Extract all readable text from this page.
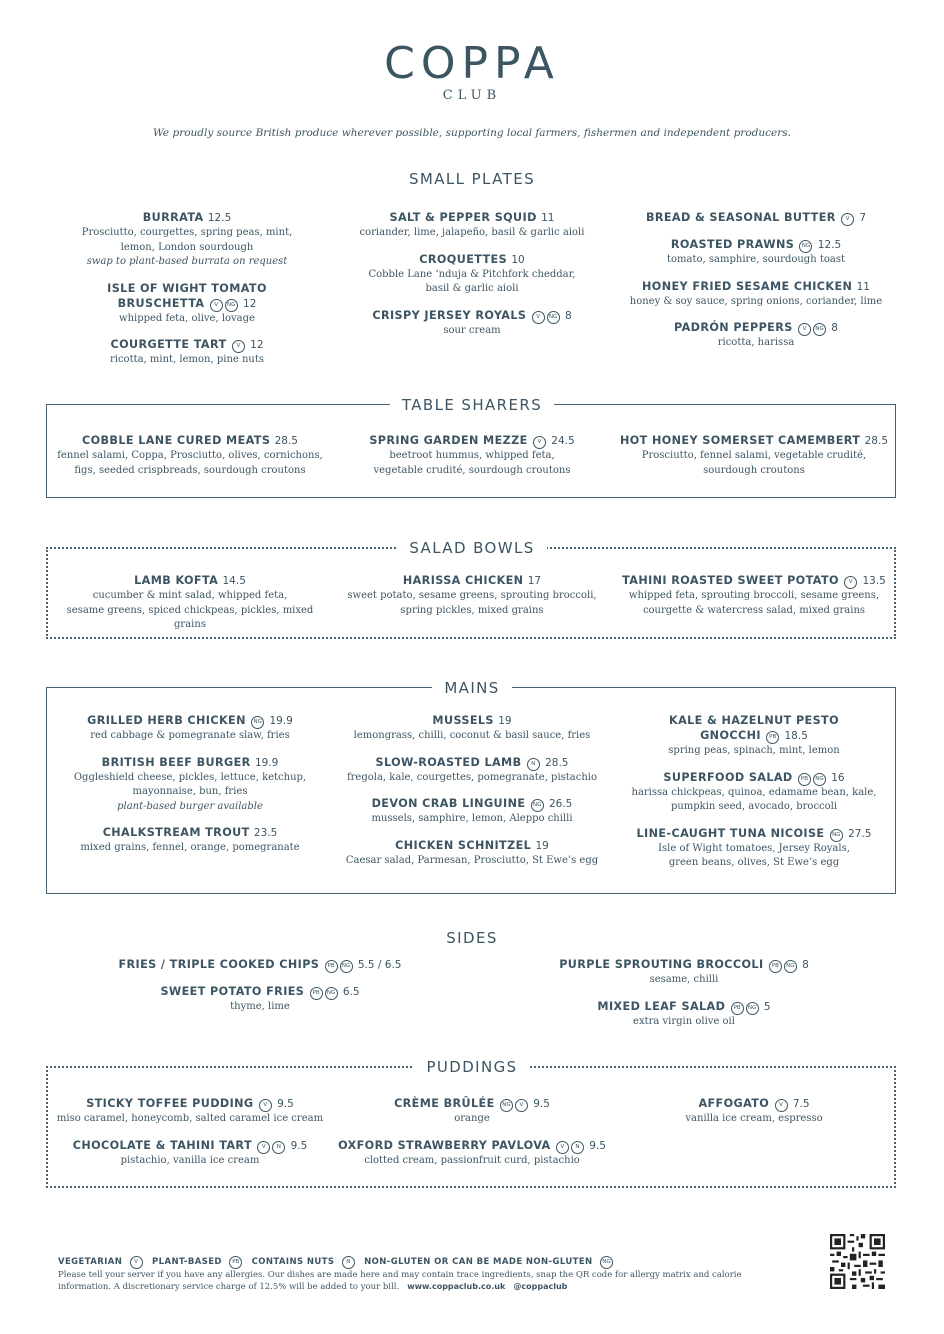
COPPA
CLUB
We proudly source British produce wherever possible, supporting local farmers, fishermen and independent producers.
SMALL PLATES
BURRATA 12.5
Prosciutto, courgettes, spring peas, mint,
lemon, London sourdough
swap to plant-based burrata on request
ISLE OF WIGHT TOMATO
BRUSCHETTA V NG 12
whipped feta, olive, lovage
COURGETTE TART V 12
ricotta, mint, lemon, pine nuts
SALT & PEPPER SQUID 11
coriander, lime, jalapeño, basil & garlic aioli
CROQUETTES 10
Cobble Lane ‘nduja & Pitchfork cheddar,
basil & garlic aioli
CRISPY JERSEY ROYALS V NG 8
sour cream
BREAD & SEASONAL BUTTER V 7
ROASTED PRAWNS NG 12.5
tomato, samphire, sourdough toast
HONEY FRIED SESAME CHICKEN 11
honey & soy sauce, spring onions, coriander, lime
PADRÓN PEPPERS V NG 8
ricotta, harissa
TABLE SHARERS
COBBLE LANE CURED MEATS 28.5
fennel salami, Coppa, Prosciutto, olives, cornichons,
figs, seeded crispbreads, sourdough croutons
SPRING GARDEN MEZZE V 24.5
beetroot hummus, whipped feta,
vegetable crudité, sourdough croutons
HOT HONEY SOMERSET CAMEMBERT 28.5
Prosciutto, fennel salami, vegetable crudité,
sourdough croutons
SALAD BOWLS
LAMB KOFTA 14.5
cucumber & mint salad, whipped feta,
sesame greens, spiced chickpeas, pickles, mixed grains
HARISSA CHICKEN 17
sweet potato, sesame greens, sprouting broccoli,
spring pickles, mixed grains
TAHINI ROASTED SWEET POTATO V 13.5
whipped feta, sprouting broccoli, sesame greens,
courgette & watercress salad, mixed grains
MAINS
GRILLED HERB CHICKEN NG 19.9
red cabbage & pomegranate slaw, fries
BRITISH BEEF BURGER 19.9
Oggleshield cheese, pickles, lettuce, ketchup,
mayonnaise, bun, fries
plant-based burger available
CHALKSTREAM TROUT 23.5
mixed grains, fennel, orange, pomegranate
MUSSELS 19
lemongrass, chilli, coconut & basil sauce, fries
SLOW-ROASTED LAMB N 28.5
fregola, kale, courgettes, pomegranate, pistachio
DEVON CRAB LINGUINE NG 26.5
mussels, samphire, lemon, Aleppo chilli
CHICKEN SCHNITZEL 19
Caesar salad, Parmesan, Prosciutto, St Ewe’s egg
KALE & HAZELNUT PESTO
GNOCCHI PB 18.5
spring peas, spinach, mint, lemon
SUPERFOOD SALAD PB NG 16
harissa chickpeas, quinoa, edamame bean, kale,
pumpkin seed, avocado, broccoli
LINE-CAUGHT TUNA NICOISE NG 27.5
Isle of Wight tomatoes, Jersey Royals,
green beans, olives, St Ewe’s egg
SIDES
FRIES / TRIPLE COOKED CHIPS PB NG 5.5 / 6.5
SWEET POTATO FRIES PB NG 6.5
thyme, lime
PURPLE SPROUTING BROCCOLI PB NG 8
sesame, chilli
MIXED LEAF SALAD PB NG 5
extra virgin olive oil
PUDDINGS
STICKY TOFFEE PUDDING V 9.5
miso caramel, honeycomb, salted caramel ice cream
CHOCOLATE & TAHINI TART V N 9.5
pistachio, vanilla ice cream
CRÈME BRÛLÉE NG V 9.5
orange
OXFORD STRAWBERRY PAVLOVA V N 9.5
clotted cream, passionfruit curd, pistachio
AFFOGATO V 7.5
vanilla ice cream, espresso
VEGETARIAN V PLANT-BASED PB CONTAINS NUTS N NON-GLUTEN OR CAN BE MADE NON-GLUTEN NG
Please tell your server if you have any allergies. Our dishes are made here and may contain trace ingredients, snap the QR code for allergy matrix and calorie information. A discretionary service charge of 12.5% will be added to your bill. www.coppaclub.co.uk @coppaclub
